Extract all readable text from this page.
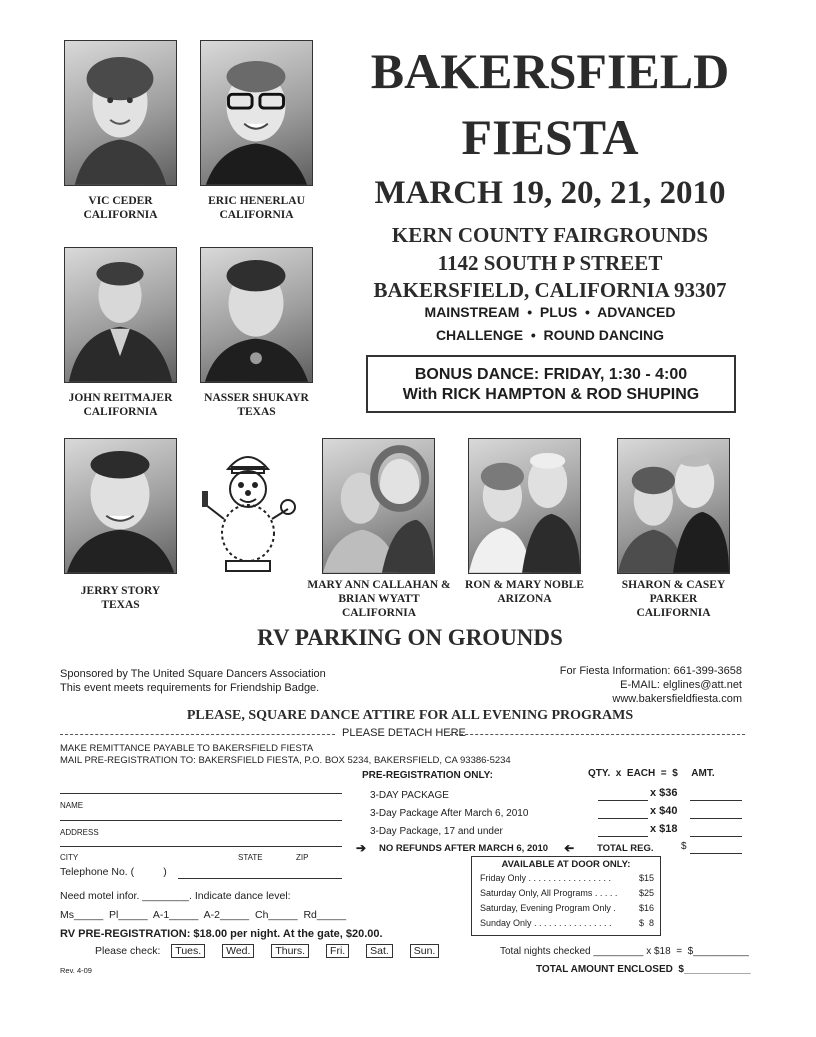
VIC CEDER
CALIFORNIA
ERIC HENERLAU
CALIFORNIA
JOHN REITMAJER
CALIFORNIA
NASSER SHUKAYR
TEXAS
JERRY STORY
TEXAS
MARY ANN CALLAHAN &
BRIAN WYATT
CALIFORNIA
RON & MARY NOBLE
ARIZONA
SHARON & CASEY
PARKER
CALIFORNIA
BAKERSFIELD
FIESTA
MARCH 19, 20, 21, 2010
KERN COUNTY FAIRGROUNDS
1142 SOUTH P STREET
BAKERSFIELD, CALIFORNIA 93307
MAINSTREAM  •  PLUS  •  ADVANCED
CHALLENGE  •  ROUND DANCING
BONUS DANCE: FRIDAY, 1:30 - 4:00
With RICK HAMPTON & ROD SHUPING
RV PARKING ON GROUNDS
Sponsored by The United Square Dancers Association
This event meets requirements for Friendship Badge.
For Fiesta Information: 661-399-3658
E-MAIL: elglines@att.net
www.bakersfieldfiesta.com
PLEASE, SQUARE DANCE ATTIRE FOR ALL EVENING PROGRAMS
PLEASE DETACH HERE
MAKE REMITTANCE PAYABLE TO BAKERSFIELD FIESTA
MAIL PRE-REGISTRATION TO: BAKERSFIELD FIESTA, P.O. BOX 5234, BAKERSFIELD, CA 93386-5234
NAME
ADDRESS
CITY	STATE	ZIP
Telephone No. (          )
Need motel infor. ________. Indicate dance level:
Ms_____  Pl_____  A-1_____  A-2_____  Ch_____  Rd_____
RV PRE-REGISTRATION: $18.00 per night. At the gate, $20.00.
Please check: Tues. Wed. Thurs. Fri. Sat. Sun.	Total nights checked _________ x $18  =  $__________
TOTAL AMOUNT ENCLOSED  $____________
Rev. 4-09
PRE-REGISTRATION ONLY:	QTY.  x  EACH  =  $     AMT.
3-DAY PACKAGE	x $36
3-Day Package After March 6, 2010	x $40
3-Day Package, 17 and under	x $18
➔ NO REFUNDS AFTER MARCH 6, 2010 ➔ TOTAL REG.	$
AVAILABLE AT DOOR ONLY:
Friday Only . . . . . . . . . . . . . . . . .	$15
Saturday Only, All Programs . . . . . $25
Saturday, Evening Program Only .	$16
Sunday Only . . . . . . . . . . . . . . . .	$  8
